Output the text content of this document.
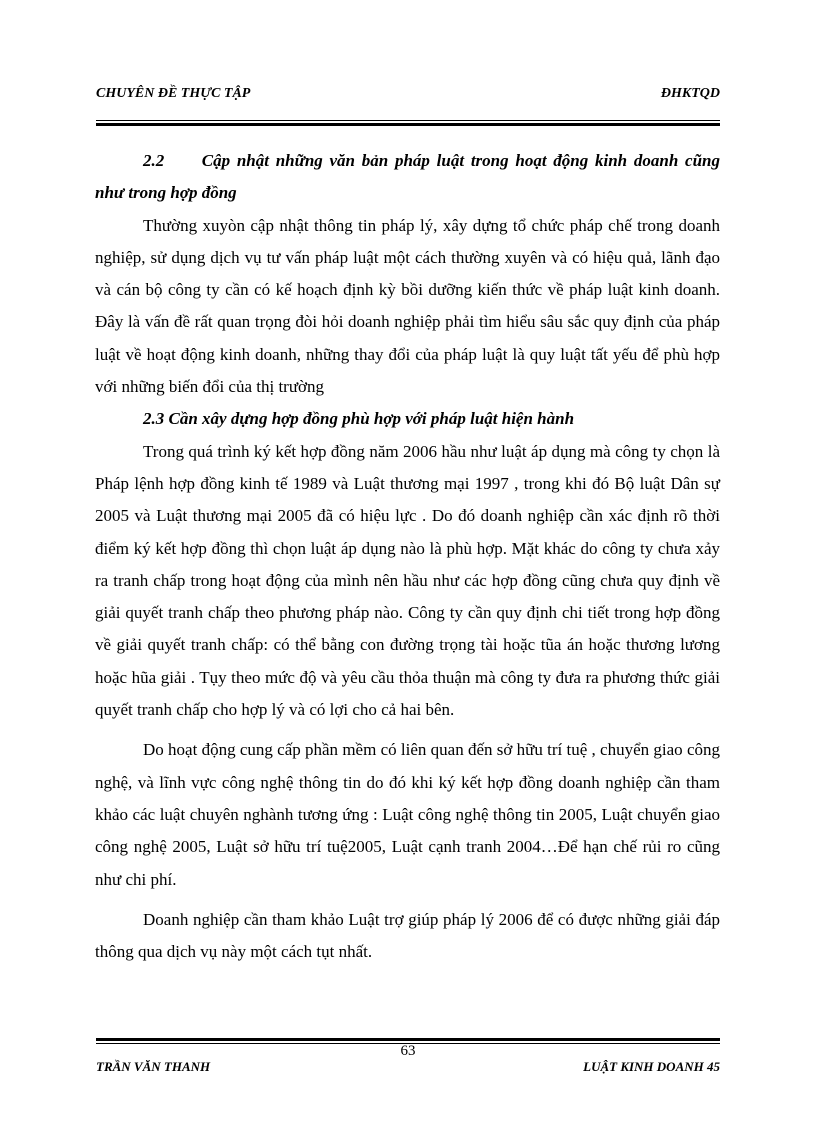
CHUYÊN ĐỀ THỰC TẬP	ĐHKTQD
2.2 Cập nhật những văn bản pháp luật trong hoạt động kinh doanh cũng như trong hợp đồng

Thường xuyòn cập nhật thông tin pháp lý, xây dựng tổ chức pháp chế trong doanh nghiệp, sử dụng dịch vụ tư vấn pháp luật một cách thường xuyên và có hiệu quả, lãnh đạo và cán bộ công ty cần có kế hoạch định kỳ bồi dưỡng kiến thức về pháp luật kinh doanh. Đây là vấn đề rất quan trọng đòi hỏi doanh nghiệp phải tìm hiểu sâu sắc quy định của pháp luật về hoạt động kinh doanh, những thay đổi của pháp luật là quy luật tất yếu để phù hợp với những biến đổi của thị trường

2.3 Cần xây dựng hợp đồng phù hợp với pháp luật hiện hành

Trong quá trình ký kết hợp đồng năm 2006 hầu như luật áp dụng mà công ty chọn là Pháp lệnh hợp đồng kinh tế 1989 và Luật thương mại 1997 , trong khi đó Bộ luật Dân sự 2005 và Luật thương mại 2005 đã có hiệu lực . Do đó doanh nghiệp cần xác định rõ thời điểm ký kết hợp đồng thì chọn luật áp dụng nào là phù hợp. Mặt khác do công ty chưa xảy ra tranh chấp trong hoạt động của mình nên hầu như các hợp đồng cũng chưa quy định về giải quyết tranh chấp theo phương pháp nào. Công ty cần quy định chi tiết trong hợp đồng về giải quyết tranh chấp: có thể bằng con đường trọng tài hoặc tũa án hoặc thương lương hoặc hũa giải . Tụy theo mức độ và yêu cầu thỏa thuận mà công ty đưa ra phương thức giải quyết tranh chấp cho hợp lý và có lợi cho cả hai bên.

Do hoạt động cung cấp phần mềm có liên quan đến sở hữu trí tuệ , chuyển giao công nghệ, và lĩnh vực công nghệ thông tin do đó khi ký kết hợp đồng doanh nghiệp cần tham khảo các luật chuyên nghành tương ứng : Luật công nghệ thông tin 2005, Luật chuyển giao công nghệ 2005, Luật sở hữu trí tuệ2005, Luật cạnh tranh 2004…Để hạn chế rủi ro cũng như chi phí.

Doanh nghiệp cần tham khảo Luật trợ giúp pháp lý 2006 để có được những giải đáp thông qua dịch vụ này một cách tụt nhất.

63
TRẦN VĂN THANH	LUẬT KINH DOANH 45
